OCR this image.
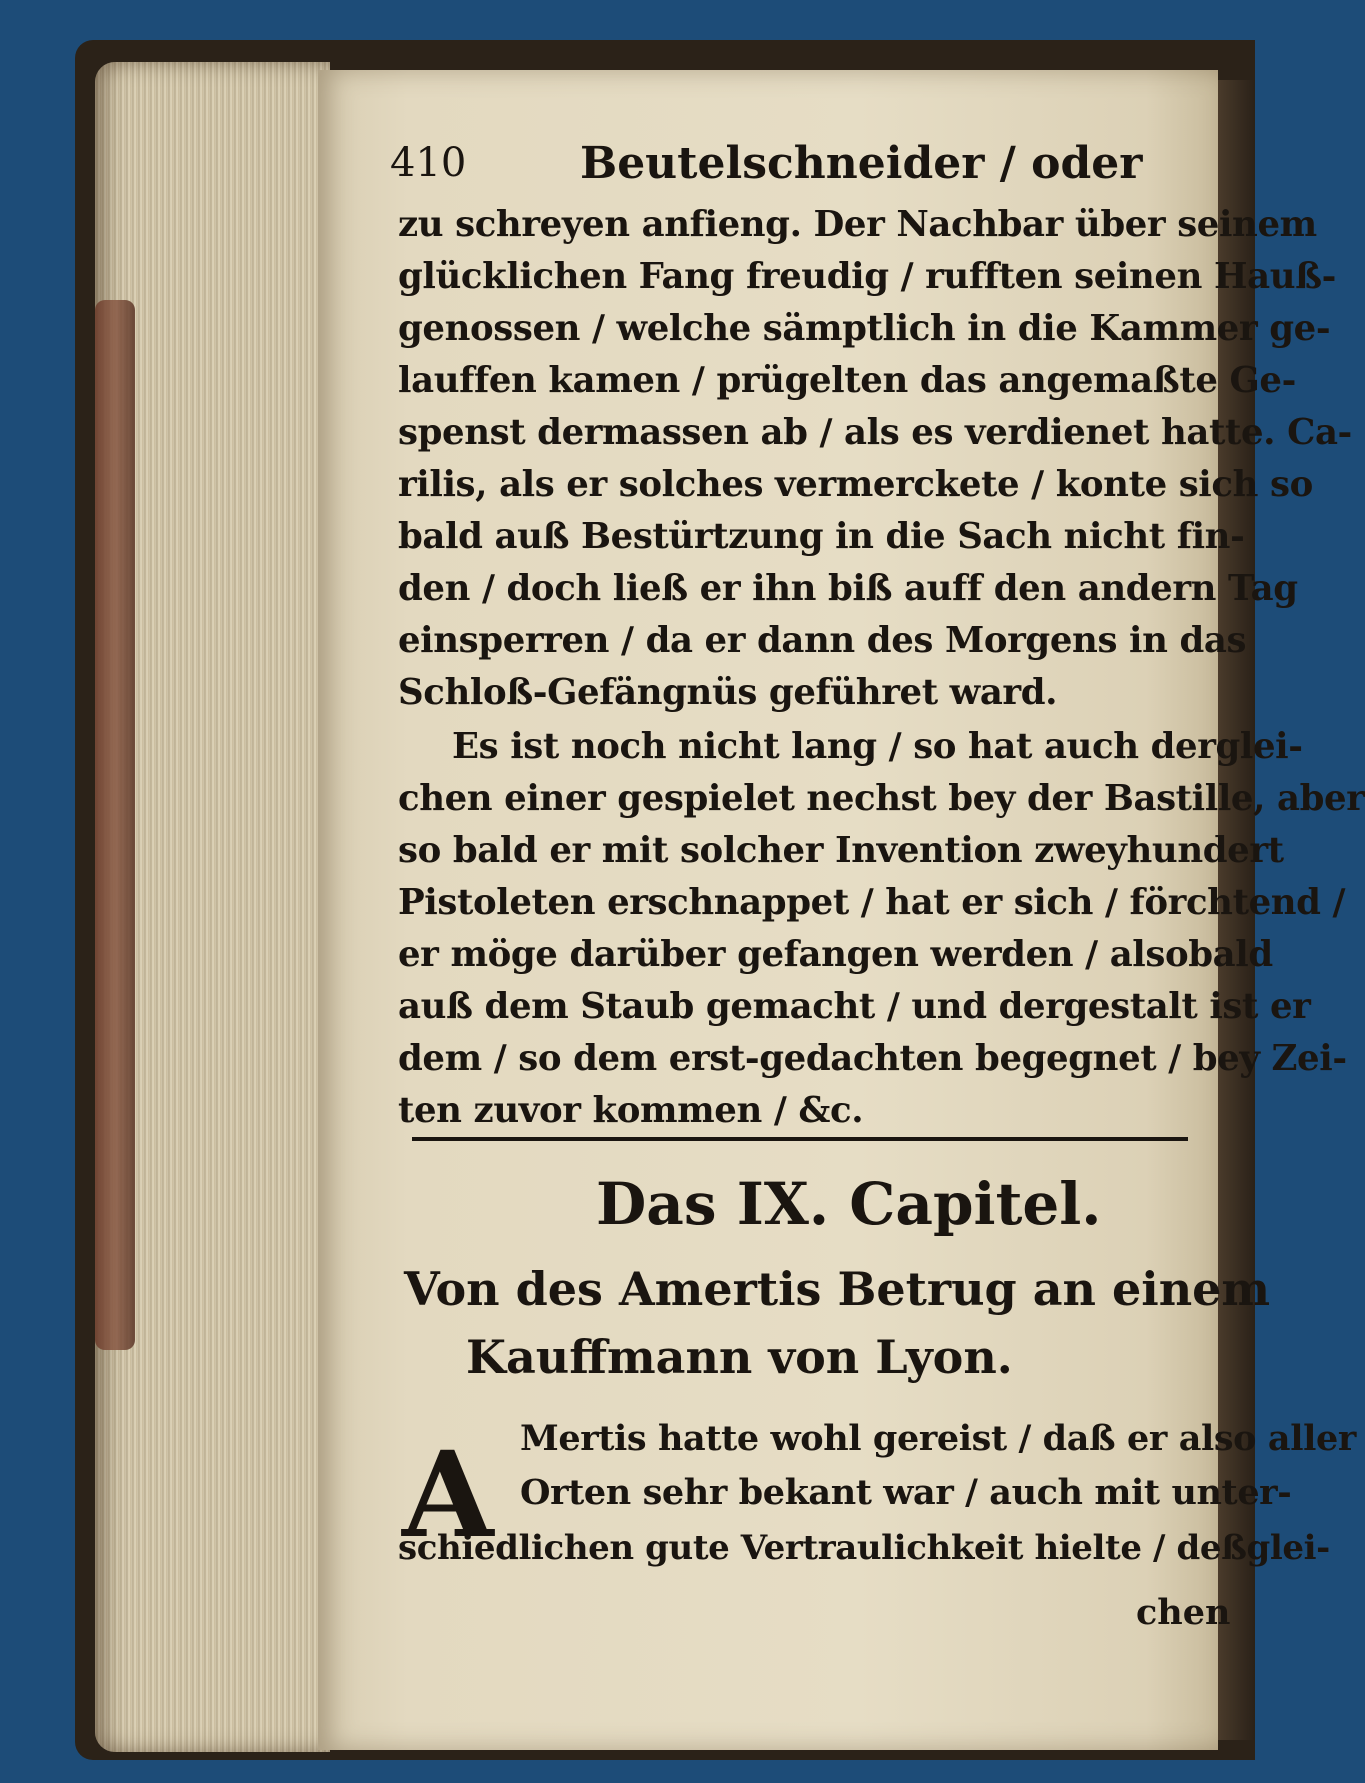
410	Beutelschneider / oder
zu schreyen anfieng. Der Nachbar über seinem
glücklichen Fang freudig / rufften seinen Hauß-
genossen / welche sämptlich in die Kammer ge-
lauffen kamen / prügelten das angemaßte Ge-
spenst dermassen ab / als es verdienet hatte. Ca-
rilis, als er solches vermerckete / konte sich so
bald auß Bestürtzung in die Sach nicht fin-
den / doch ließ er ihn biß auff den andern Tag
einsperren / da er dann des Morgens in das
Schloß-Gefängnüs geführet ward.
Es ist noch nicht lang / so hat auch derglei-
chen einer gespielet nechst bey der Bastille, aber
so bald er mit solcher Invention zweyhundert
Pistoleten erschnappet / hat er sich / förchtend /
er möge darüber gefangen werden / alsobald
auß dem Staub gemacht / und dergestalt ist er
dem / so dem erst-gedachten begegnet / bey Zei-
ten zuvor kommen / &c.
Das IX. Capitel.
Von des Amertis Betrug an einem
Kauffmann von Lyon.
A Mertis hatte wohl gereist / daß er also aller
Orten sehr bekant war / auch mit unter-
schiedlichen gute Vertraulichkeit hielte / deßglei-
chen
